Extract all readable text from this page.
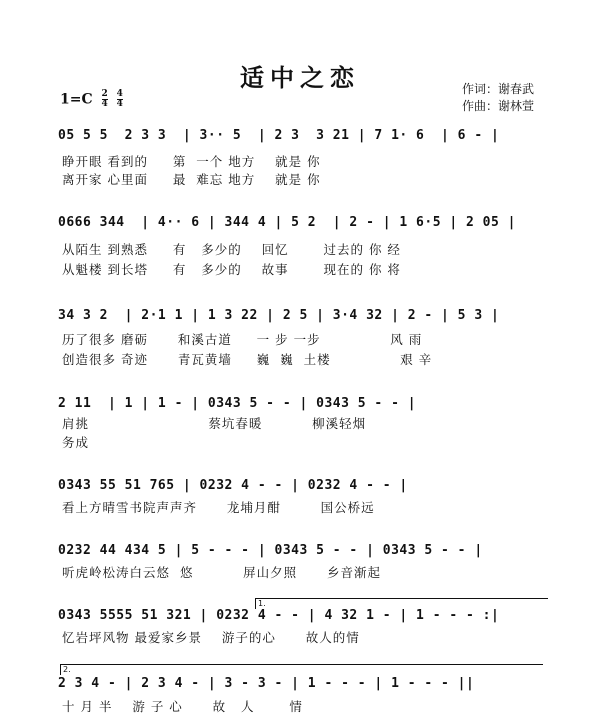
适中之恋
$1=C \frac{2}{4}$
$\frac{4}{4}$
作词：谢春武
作曲：谢林萱
05 5 5  2 3 3  | 3·· 5  | 2 3  3 21 | 7 1· 6  | 6 - |
睁开眼 看到的     第  一个 地方    就是 你
离开家 心里面     最  难忘 地方    就是 你
0666 344  | 4·· 6 | 344 4 | 5 2  | 2 - | 1 6·5 | 2 05 |
从陌生 到熟悉     有   多少的    回忆       过去的 你 经
从魁楼 到长塔     有   多少的    故事       现在的 你 将
34 3 2  | 2·1 1 | 1 3 22 | 2 5 | 3·4 32 | 2 - | 5 3 |
历了很多 磨砺      和溪古道     一 步 一步              风 雨
创造很多 奇迹      青瓦黄墙     巍  巍  土楼              艰 辛
2 11  | 1 | 1 - | 0343 5 - - | 0343 5 - - |
肩挑                        蔡坑春暖          柳溪轻烟
务成
0343 55 51 765 | 0232 4 - - | 0232 4 - - |
看上方晴雪书院声声齐      龙埔月酣        国公桥远
0232 44 434 5 | 5 - - - | 0343 5 - - | 0343 5 - - |
听虎岭松涛白云悠  悠          屏山夕照      乡音渐起
1.
0343 5555 51 321 | 0232 4 - - | 4 32 1 - | 1 - - - :|
忆岩坪风物 最爱家乡景    游子的心      故人的情
2.
2 3 4 - | 2 3 4 - | 3 - 3 - | 1 - - - | 1 - - - ||
十 月 半    游 子 心      故   人       情
